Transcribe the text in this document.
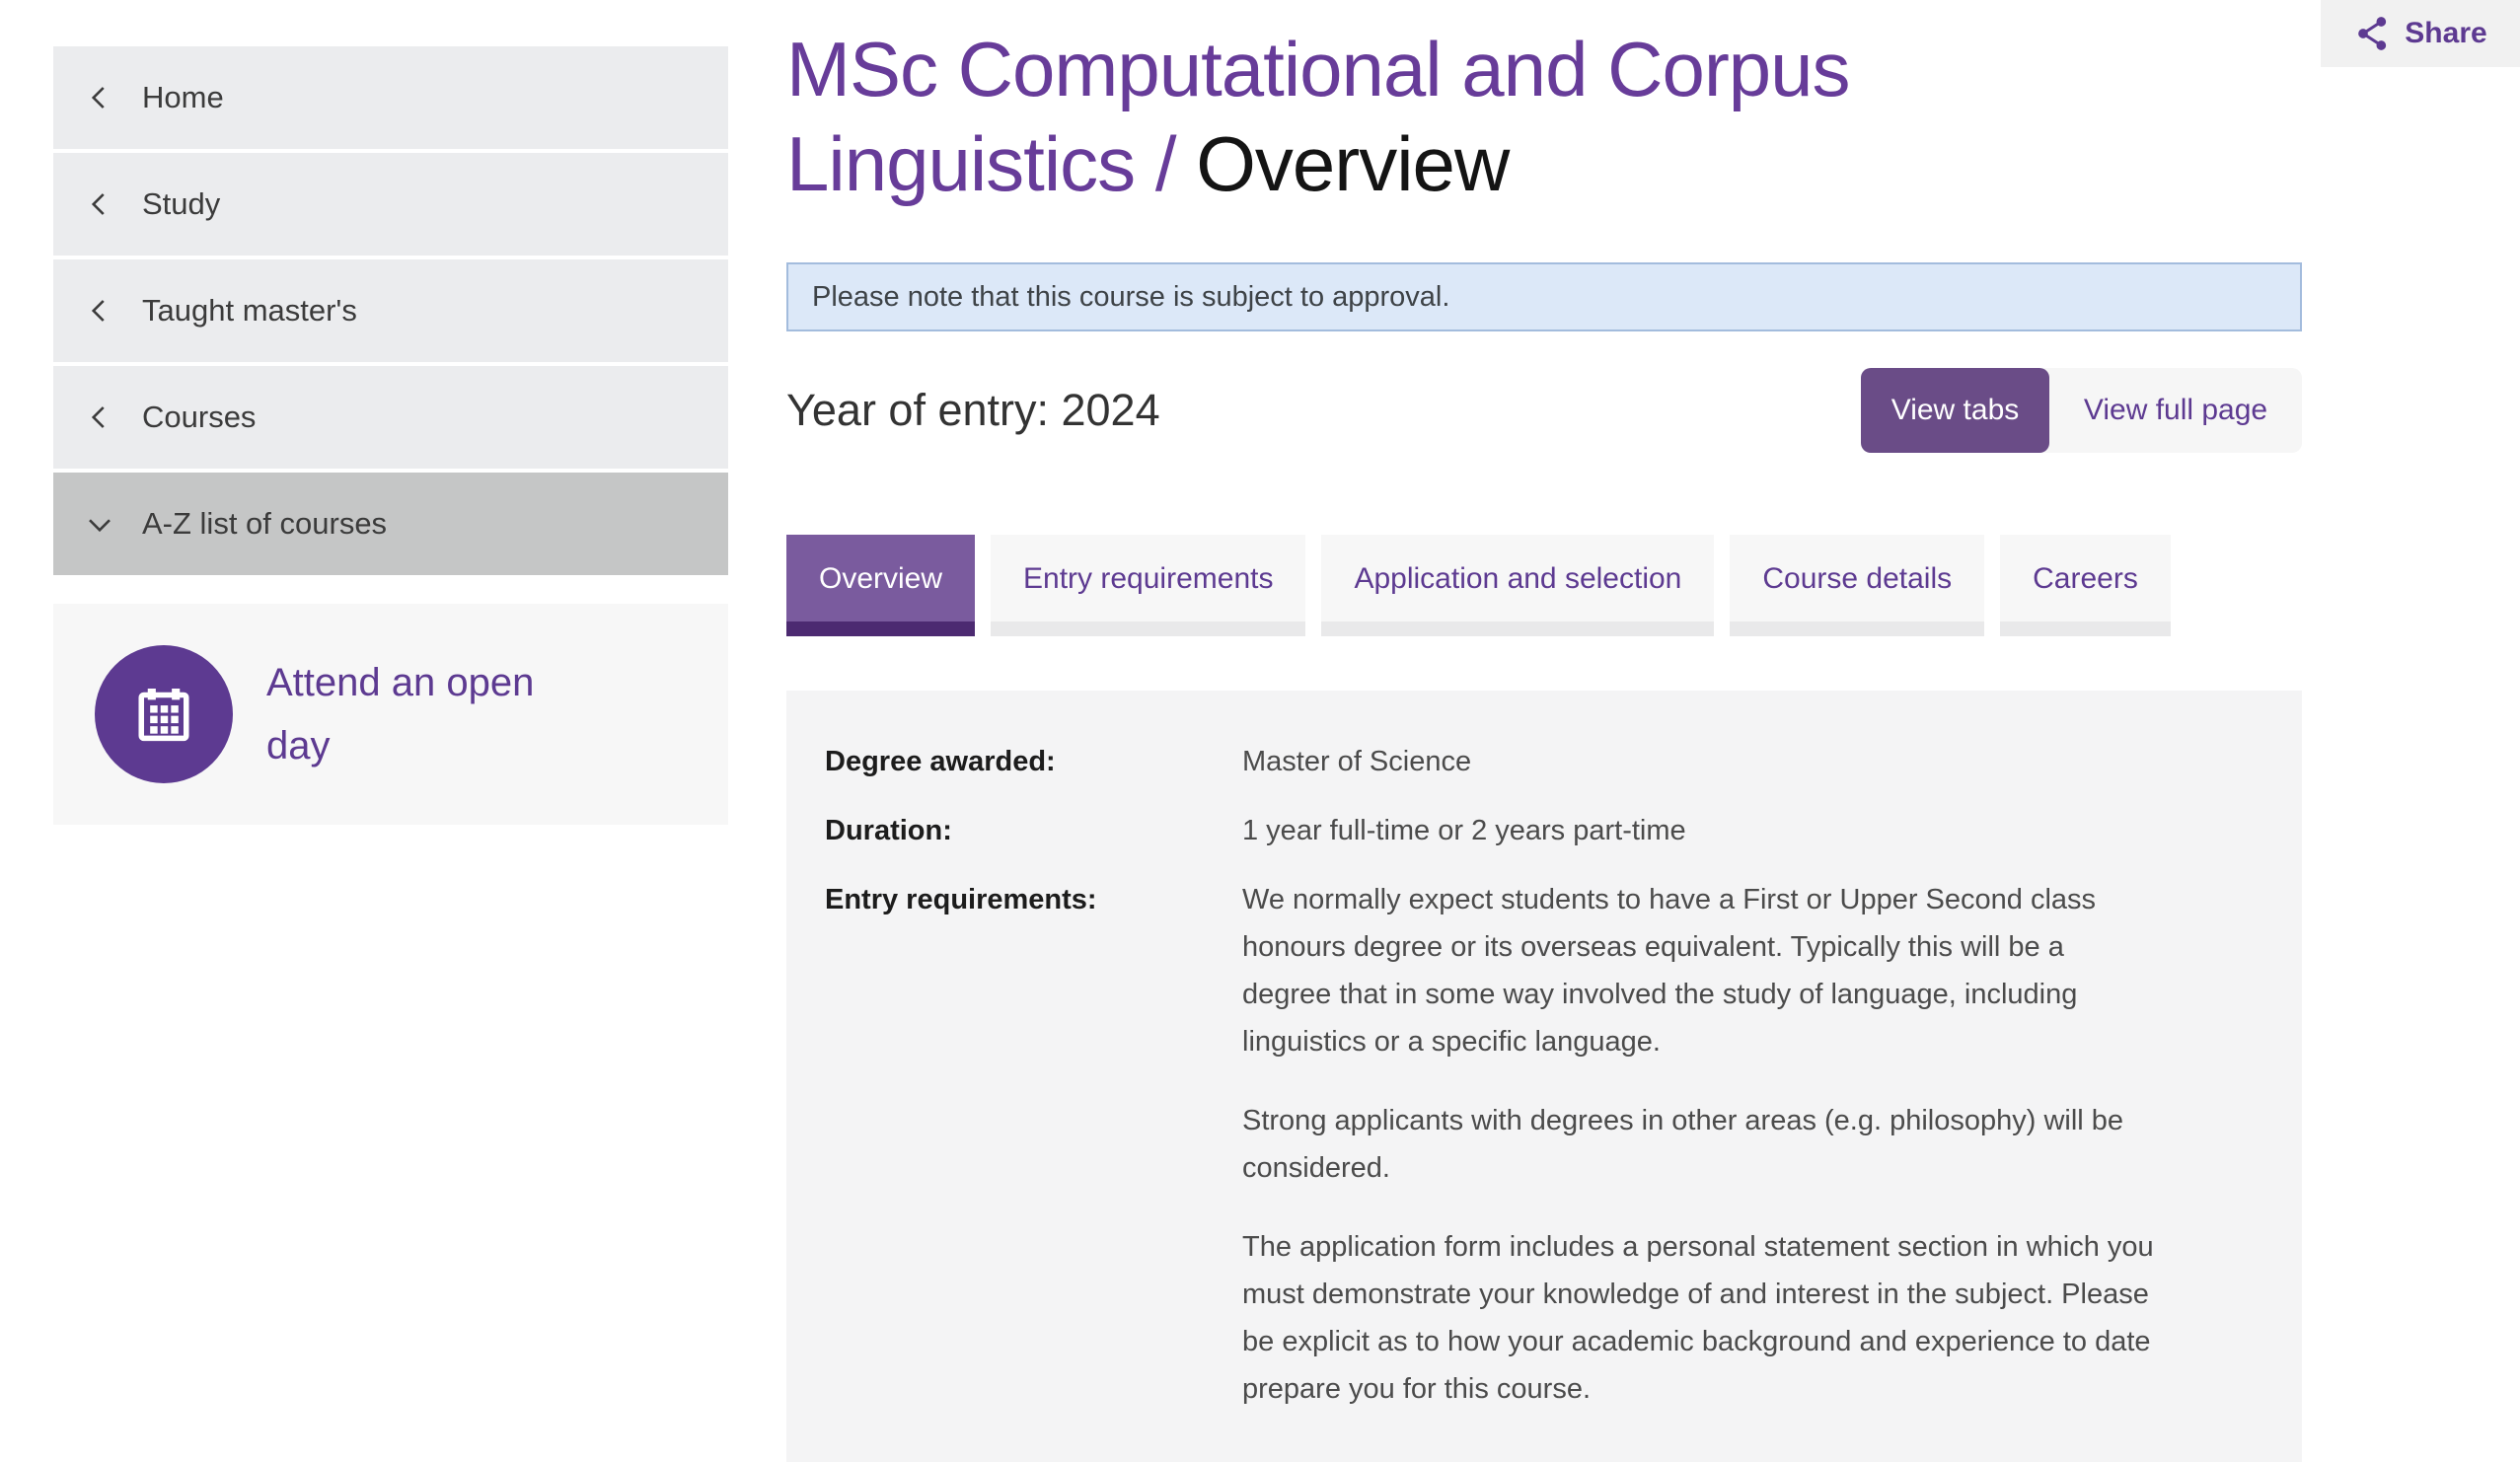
Home
Study
Taught master's
Courses
A-Z list of courses
Attend an open day
MSc Computational and Corpus
Linguistics / Overview
Please note that this course is subject to approval.
Year of entry: 2024	View tabs	View full page
Overview	Entry requirements	Application and selection	Course details	Careers
Degree awarded:	Master of Science
Duration:	1 year full-time or 2 years part-time
Entry requirements:	We normally expect students to have a First or Upper Second class honours degree or its overseas equivalent. Typically this will be a degree that in some way involved the study of language, including linguistics or a specific language.

Strong applicants with degrees in other areas (e.g. philosophy) will be considered.

The application form includes a personal statement section in which you must demonstrate your knowledge of and interest in the subject. Please be explicit as to how your academic background and experience to date prepare you for this course.

Share
